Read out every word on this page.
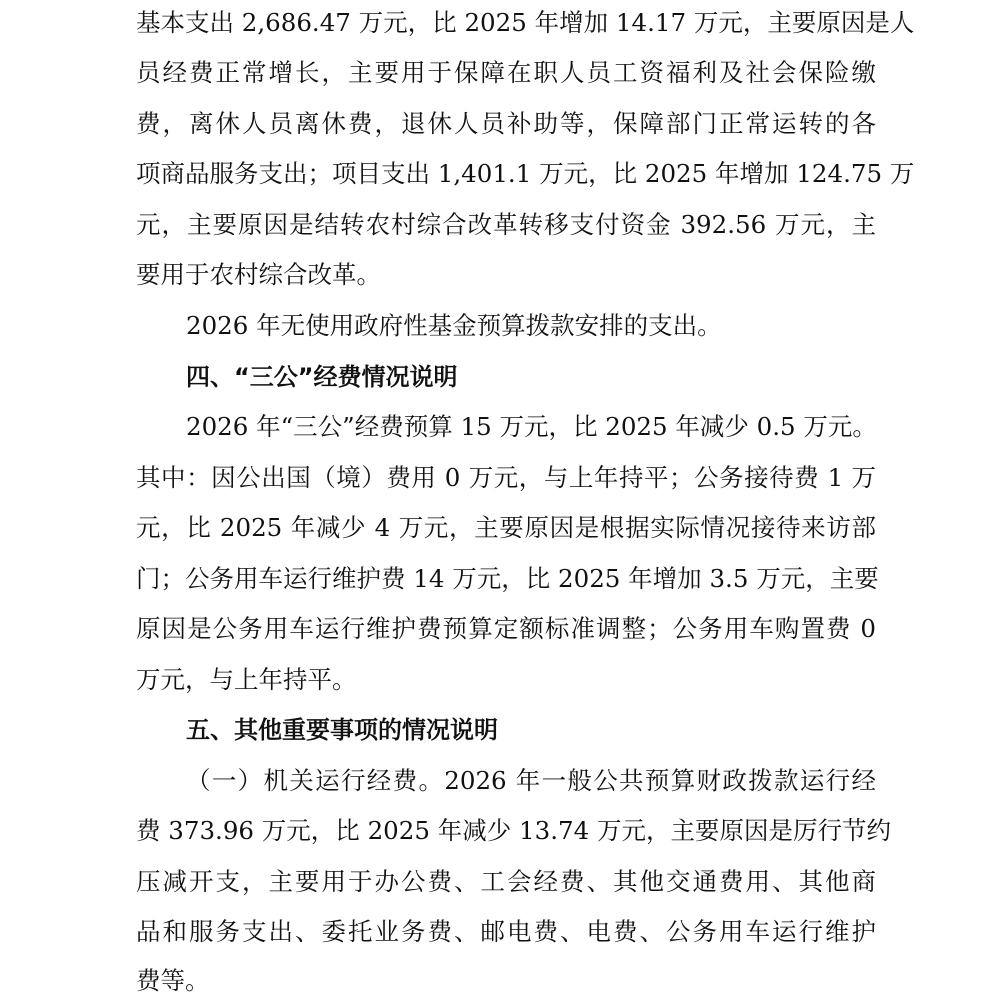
基本支出 2,686.47 万元，比 2025 年增加 14.17 万元，主要原因是人
员经费正常增长，主要用于保障在职人员工资福利及社会保险缴
费，离休人员离休费，退休人员补助等，保障部门正常运转的各
项商品服务支出；项目支出 1,401.1 万元，比 2025 年增加 124.75 万
元，主要原因是结转农村综合改革转移支付资金 392.56 万元，主
要用于农村综合改革。
2026 年无使用政府性基金预算拨款安排的支出。
四、“三公”经费情况说明
2026 年“三公”经费预算 15 万元，比 2025 年减少 0.5 万元。
其中：因公出国（境）费用 0 万元，与上年持平；公务接待费 1 万
元，比 2025 年减少 4 万元，主要原因是根据实际情况接待来访部
门；公务用车运行维护费 14 万元，比 2025 年增加 3.5 万元，主要
原因是公务用车运行维护费预算定额标准调整；公务用车购置费 0
万元，与上年持平。
五、其他重要事项的情况说明
（一）机关运行经费。2026 年一般公共预算财政拨款运行经
费 373.96 万元，比 2025 年减少 13.74 万元，主要原因是厉行节约
压减开支，主要用于办公费、工会经费、其他交通费用、其他商
品和服务支出、委托业务费、邮电费、电费、公务用车运行维护
费等。
